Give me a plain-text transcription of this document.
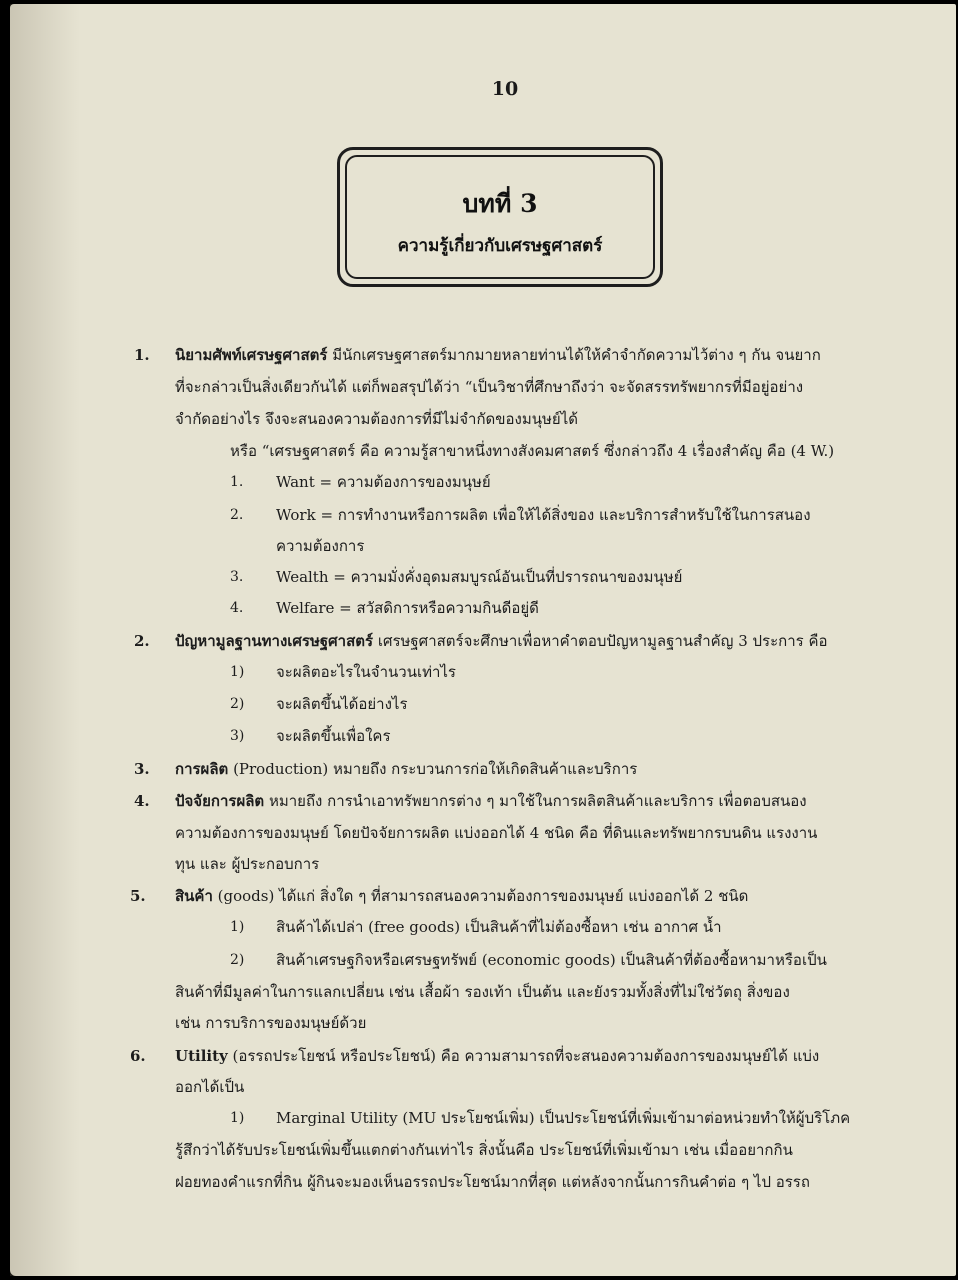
10
บทที่ 3
ความรู้เกี่ยวกับเศรษฐศาสตร์
1. นิยามศัพท์เศรษฐศาสตร์ มีนักเศรษฐศาสตร์มากมายหลายท่านได้ให้คำจำกัดความไว้ต่าง ๆ กัน จนยาก
ที่จะกล่าวเป็นสิ่งเดียวกันได้ แต่ก็พอสรุปได้ว่า “เป็นวิชาที่ศึกษาถึงว่า จะจัดสรรทรัพยากรที่มีอยู่อย่าง
จำกัดอย่างไร จึงจะสนองความต้องการที่มีไม่จำกัดของมนุษย์ได้
หรือ “เศรษฐศาสตร์ คือ ความรู้สาขาหนึ่งทางสังคมศาสตร์ ซึ่งกล่าวถึง 4 เรื่องสำคัญ คือ (4 W.)
1. Want = ความต้องการของมนุษย์
2. Work = การทำงานหรือการผลิต เพื่อให้ได้สิ่งของ และบริการสำหรับใช้ในการสนอง
ความต้องการ
3. Wealth = ความมั่งคั่งอุดมสมบูรณ์อันเป็นที่ปรารถนาของมนุษย์
4. Welfare = สวัสดิการหรือความกินดีอยู่ดี
2. ปัญหามูลฐานทางเศรษฐศาสตร์ เศรษฐศาสตร์จะศึกษาเพื่อหาคำตอบปัญหามูลฐานสำคัญ 3 ประการ คือ
1) จะผลิตอะไรในจำนวนเท่าไร
2) จะผลิตขึ้นได้อย่างไร
3) จะผลิตขึ้นเพื่อใคร
3. การผลิต (Production) หมายถึง กระบวนการก่อให้เกิดสินค้าและบริการ
4. ปัจจัยการผลิต หมายถึง การนำเอาทรัพยากรต่าง ๆ มาใช้ในการผลิตสินค้าและบริการ เพื่อตอบสนอง
ความต้องการของมนุษย์ โดยปัจจัยการผลิต แบ่งออกได้ 4 ชนิด คือ ที่ดินและทรัพยากรบนดิน แรงงาน
ทุน และ ผู้ประกอบการ
5. สินค้า (goods) ได้แก่ สิ่งใด ๆ ที่สามารถสนองความต้องการของมนุษย์ แบ่งออกได้ 2 ชนิด
1) สินค้าได้เปล่า (free goods) เป็นสินค้าที่ไม่ต้องซื้อหา เช่น อากาศ น้ำ
2) สินค้าเศรษฐกิจหรือเศรษฐทรัพย์ (economic goods) เป็นสินค้าที่ต้องซื้อหามาหรือเป็น
สินค้าที่มีมูลค่าในการแลกเปลี่ยน เช่น เสื้อผ้า รองเท้า เป็นต้น และยังรวมทั้งสิ่งที่ไม่ใช่วัตถุ สิ่งของ
เช่น การบริการของมนุษย์ด้วย
6. Utility (อรรถประโยชน์ หรือประโยชน์) คือ ความสามารถที่จะสนองความต้องการของมนุษย์ได้ แบ่ง
ออกได้เป็น
1) Marginal Utility (MU ประโยชน์เพิ่ม) เป็นประโยชน์ที่เพิ่มเข้ามาต่อหน่วยทำให้ผู้บริโภค
รู้สึกว่าได้รับประโยชน์เพิ่มขึ้นแตกต่างกันเท่าไร สิ่งนั้นคือ ประโยชน์ที่เพิ่มเข้ามา เช่น เมื่ออยากกิน
ฝอยทองคำแรกที่กิน ผู้กินจะมองเห็นอรรถประโยชน์มากที่สุด แต่หลังจากนั้นการกินคำต่อ ๆ ไป อรรถ
